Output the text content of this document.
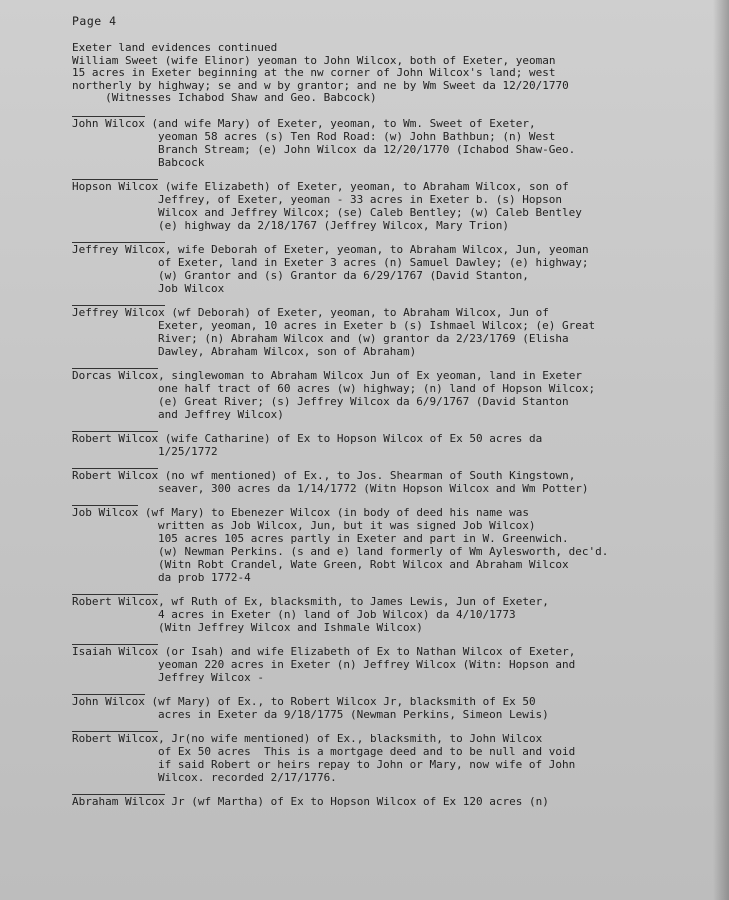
Page 4
Exeter land evidences continued
William Sweet (wife Elinor) yeoman to John Wilcox, both of Exeter, yeoman
15 acres in Exeter beginning at the nw corner of John Wilcox's land; west
northerly by highway; se and w by grantor; and ne by Wm Sweet da 12/20/1770
(Witnesses Ichabod Shaw and Geo. Babcock)
John Wilcox (and wife Mary) of Exeter, yeoman, to Wm. Sweet of Exeter,
yeoman 58 acres (s) Ten Rod Road: (w) John Bathbun; (n) West
Branch Stream; (e) John Wilcox da 12/20/1770 (Ichabod Shaw-Geo.
Babcock
Hopson Wilcox (wife Elizabeth) of Exeter, yeoman, to Abraham Wilcox, son of
Jeffrey, of Exeter, yeoman - 33 acres in Exeter b. (s) Hopson
Wilcox and Jeffrey Wilcox; (se) Caleb Bentley; (w) Caleb Bentley
(e) highway da 2/18/1767 (Jeffrey Wilcox, Mary Trion)
Jeffrey Wilcox, wife Deborah of Exeter, yeoman, to Abraham Wilcox, Jun, yeoman
of Exeter, land in Exeter 3 acres (n) Samuel Dawley; (e) highway;
(w) Grantor and (s) Grantor da 6/29/1767 (David Stanton,
Job Wilcox
Jeffrey Wilcox (wf Deborah) of Exeter, yeoman, to Abraham Wilcox, Jun of
Exeter, yeoman, 10 acres in Exeter b (s) Ishmael Wilcox; (e) Great
River; (n) Abraham Wilcox and (w) grantor da 2/23/1769 (Elisha
Dawley, Abraham Wilcox, son of Abraham)
Dorcas Wilcox, singlewoman to Abraham Wilcox Jun of Ex yeoman, land in Exeter
one half tract of 60 acres (w) highway; (n) land of Hopson Wilcox;
(e) Great River; (s) Jeffrey Wilcox da 6/9/1767 (David Stanton
and Jeffrey Wilcox)
Robert Wilcox (wife Catharine) of Ex to Hopson Wilcox of Ex 50 acres da
1/25/1772
Robert Wilcox (no wf mentioned) of Ex., to Jos. Shearman of South Kingstown,
seaver, 300 acres da 1/14/1772 (Witn Hopson Wilcox and Wm Potter)
Job Wilcox (wf Mary) to Ebenezer Wilcox (in body of deed his name was
written as Job Wilcox, Jun, but it was signed Job Wilcox)
105 acres 105 acres partly in Exeter and part in W. Greenwich.
(w) Newman Perkins. (s and e) land formerly of Wm Aylesworth, dec'd.
(Witn Robt Crandel, Wate Green, Robt Wilcox and Abraham Wilcox
da prob 1772-4
Robert Wilcox, wf Ruth of Ex, blacksmith, to James Lewis, Jun of Exeter,
4 acres in Exeter (n) land of Job Wilcox) da 4/10/1773
(Witn Jeffrey Wilcox and Ishmale Wilcox)
Isaiah Wilcox (or Isah) and wife Elizabeth of Ex to Nathan Wilcox of Exeter,
yeoman 220 acres in Exeter (n) Jeffrey Wilcox (Witn: Hopson and
Jeffrey Wilcox -
John Wilcox (wf Mary) of Ex., to Robert Wilcox Jr, blacksmith of Ex 50
acres in Exeter da 9/18/1775 (Newman Perkins, Simeon Lewis)
Robert Wilcox, Jr(no wife mentioned) of Ex., blacksmith, to John Wilcox
of Ex 50 acres  This is a mortgage deed and to be null and void
if said Robert or heirs repay to John or Mary, now wife of John
Wilcox. recorded 2/17/1776.
Abraham Wilcox Jr (wf Martha) of Ex to Hopson Wilcox of Ex 120 acres (n)
